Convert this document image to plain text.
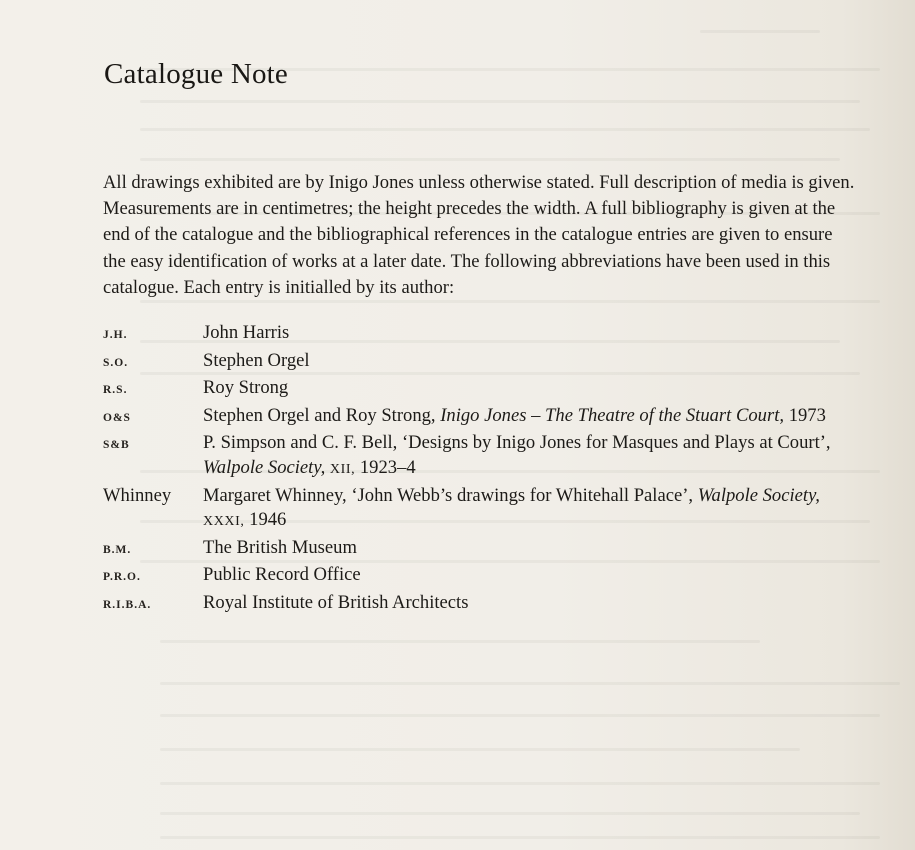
Catalogue Note

All drawings exhibited are by Inigo Jones unless otherwise stated. Full description of media is given. Measurements are in centimetres; the height precedes the width. A full bibliography is given at the end of the catalogue and the bibliographical references in the catalogue entries are given to ensure the easy identification of works at a later date. The following abbreviations have been used in this catalogue. Each entry is initialled by its author:

J.H.	John Harris
S.O.	Stephen Orgel
R.S.	Roy Strong
O&S	Stephen Orgel and Roy Strong, Inigo Jones – The Theatre of the Stuart Court, 1973
S&B	P. Simpson and C. F. Bell, ‘Designs by Inigo Jones for Masques and Plays at Court’, Walpole Society, XII, 1923–4
Whinney	Margaret Whinney, ‘John Webb’s drawings for Whitehall Palace’, Walpole Society, XXXI, 1946
B.M.	The British Museum
P.R.O.	Public Record Office
R.I.B.A.	Royal Institute of British Architects
